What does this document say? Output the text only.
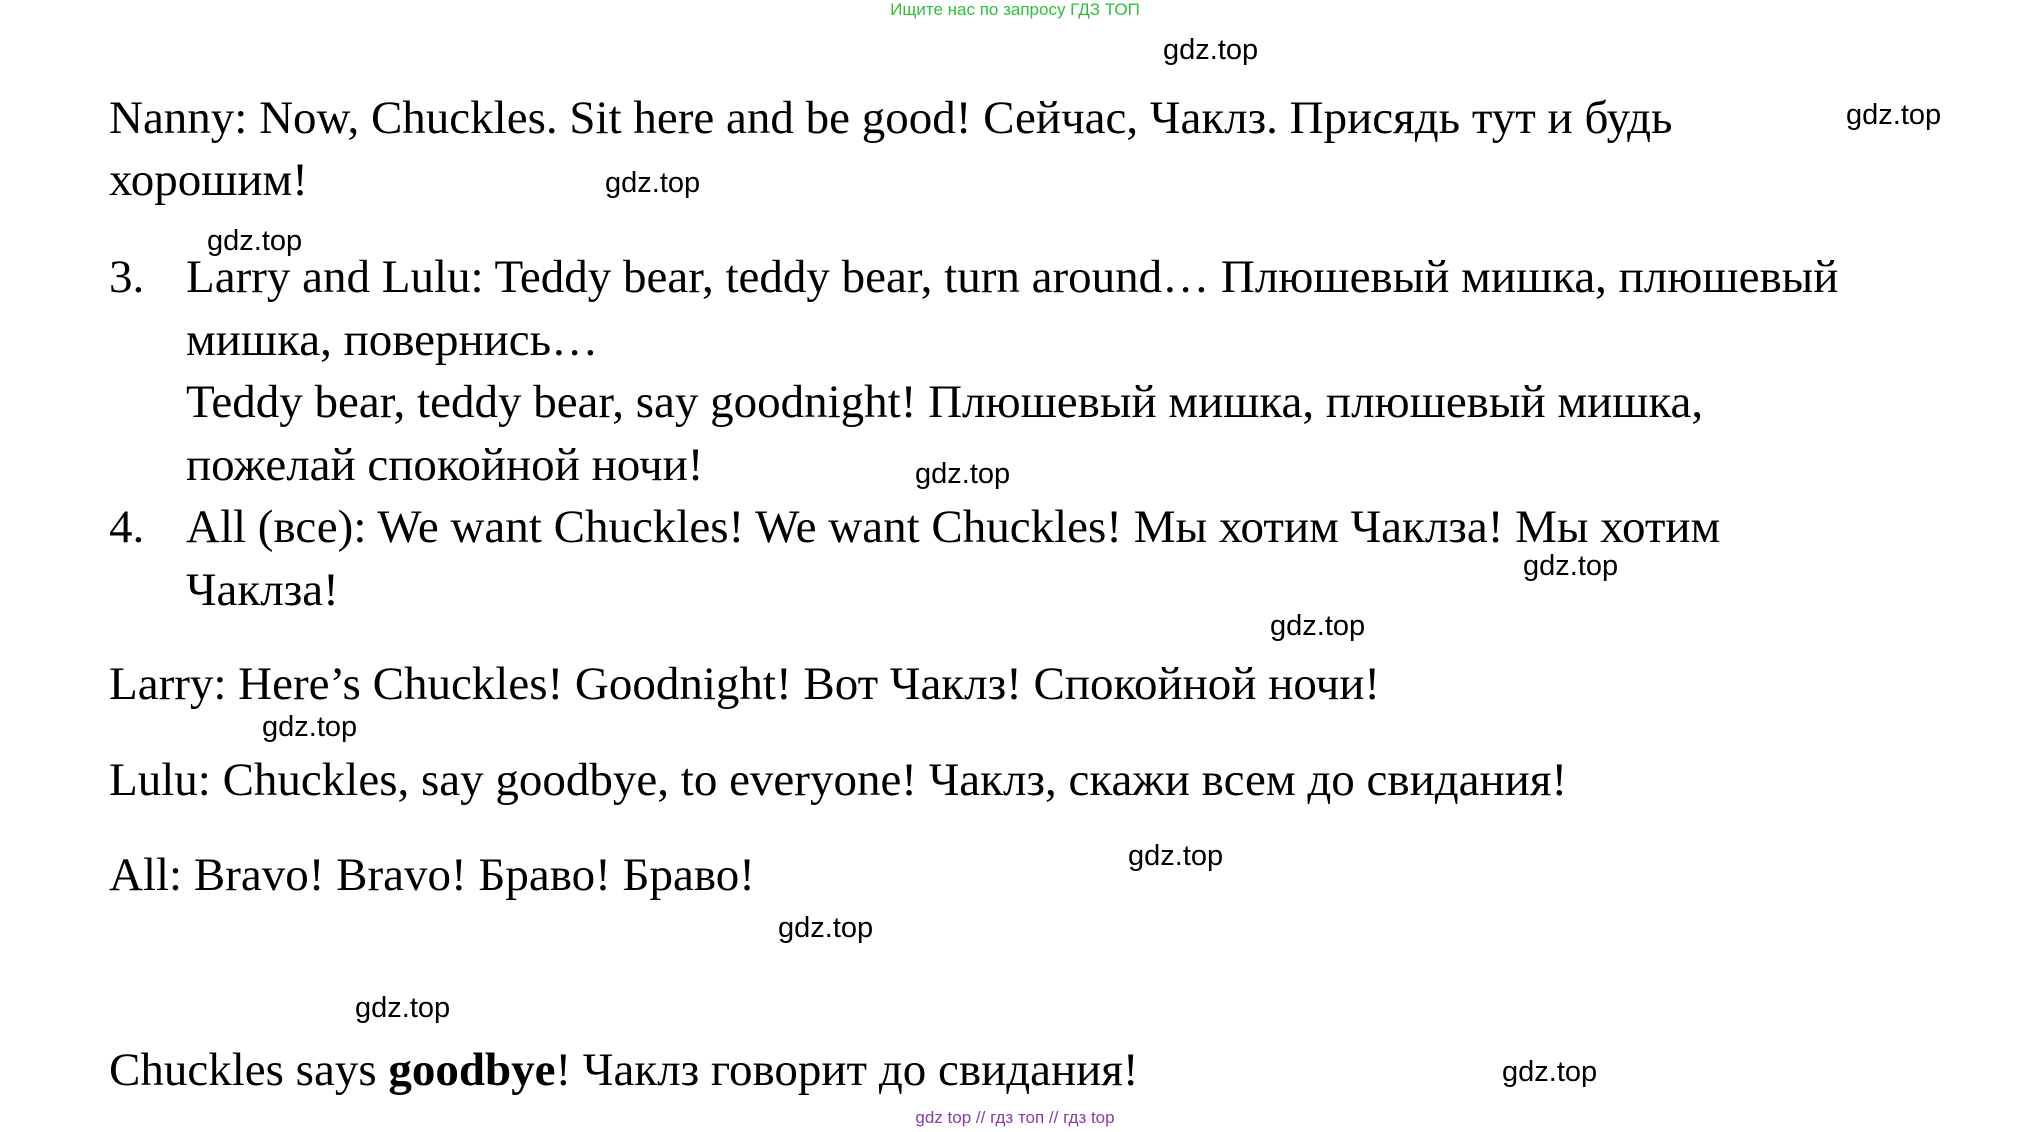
Ищите нас по запросу ГДЗ ТОП
Nanny: Now, Chuckles. Sit here and be good! Сейчас, Чаклз. Присядь тут и будь
хорошим!
3. Larry and Lulu: Teddy bear, teddy bear, turn around… Плюшевый мишка, плюшевый
мишка, повернись…
Teddy bear, teddy bear, say goodnight! Плюшевый мишка, плюшевый мишка,
пожелай спокойной ночи!
4. All (все): We want Chuckles! We want Chuckles! Мы хотим Чаклза! Мы хотим
Чаклза!
Larry: Here’s Chuckles! Goodnight! Вот Чаклз! Спокойной ночи!
Lulu: Chuckles, say goodbye, to everyone! Чаклз, скажи всем до свидания!
All: Bravo! Bravo! Браво! Браво!
Chuckles says goodbye! Чаклз говорит до свидания!
gdz.top
gdz.top
gdz.top
gdz.top
gdz.top
gdz.top
gdz.top
gdz.top
gdz.top
gdz.top
gdz.top
gdz.top
gdz top // гдз топ // гдз top
